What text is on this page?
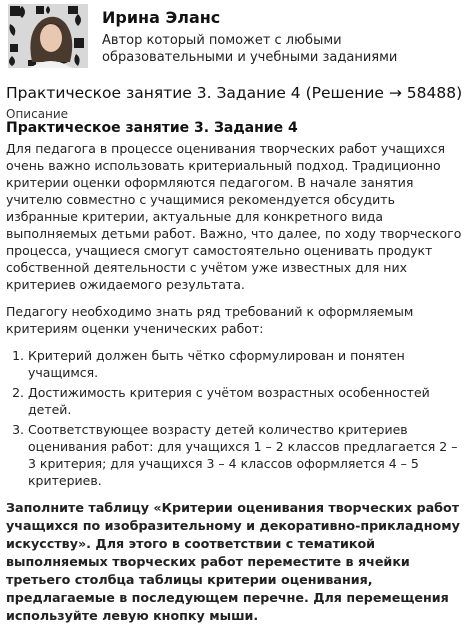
Ирина Эланс
Автор который поможет с любыми образовательными и учебными заданиями
Практическое занятие 3. Задание 4 (Решение → 58488)
Описание
Практическое занятие 3. Задание 4

Для педагога в процессе оценивания творческих работ учащихся очень важно использовать критериальный подход. Традиционно критерии оценки оформляются педагогом. В начале занятия учителю совместно с учащимися рекомендуется обсудить избранные критерии, актуальные для конкретного вида выполняемых детьми работ. Важно, что далее, по ходу творческого процесса, учащиеся смогут самостоятельно оценивать продукт собственной деятельности с учётом уже известных для них критериев ожидаемого результата.

Педагогу необходимо знать ряд требований к оформляемым критериям оценки ученических работ:

1. Критерий должен быть чётко сформулирован и понятен учащимся.
2. Достижимость критерия с учётом возрастных особенностей детей.
3. Соответствующее возрасту детей количество критериев оценивания работ: для учащихся 1 – 2 классов предлагается 2 – 3 критерия; для учащихся 3 – 4 классов оформляется 4 – 5 критериев.

Заполните таблицу «Критерии оценивания творческих работ учащихся по изобразительному и декоративно-прикладному искусству». Для этого в соответствии с тематикой выполняемых творческих работ переместите в ячейки третьего столбца таблицы критерии оценивания, предлагаемые в последующем перечне. Для перемещения используйте левую кнопку мыши.
